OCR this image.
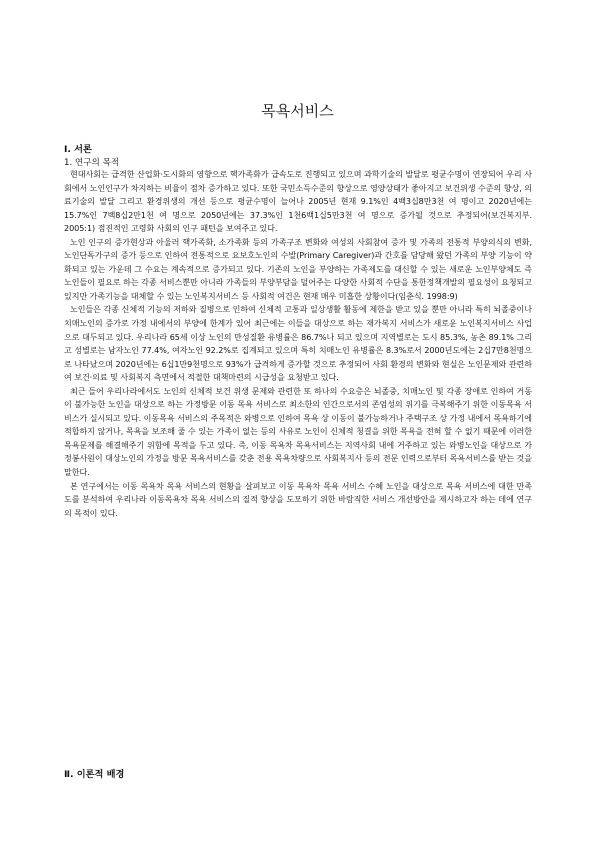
목욕서비스
Ⅰ. 서론
1. 연구의 목적

현대사회는 급격한 산업화·도시화의 영향으로 핵가족화가 급속도로 진행되고 있으며 과학기술의 발달로 평균수명이 연장되어 우리 사회에서 노인인구가 차지하는 비율이 점차 증가하고 있다. 또한 국민소득수준의 향상으로 영양상태가 좋아지고 보건위생 수준의 향상, 의료기술의 발달 그리고 환경위생의 개선 등으로 평균수명이 늘어나 2005년 현재 9.1%인 4백3십8만3천 여 명이고 2020년에는 15.7%인 7백8십2만1천 여 명으로 2050년에는 37.3%인 1천6백1십5만3천 여 명으로 증가될 것으로 추정되어(보건복지부. 2005:1) 점진적인 고령화 사회의 인구 패턴을 보여주고 있다.

노인 인구의 증가현상과 아울러 핵가족화, 소가족화 등의 가족구조 변화와 여성의 사회참여 증가 및 가족의 전통적 부양의식의 변화, 노인단독가구의 증가 등으로 인하여 전통적으로 요보호노인의 수발(Primary Caregiver)과 간호를 담당해 왔던 가족의 부양 기능이 약화되고 있는 가운데 그 수요는 계속적으로 증가되고 있다. 기존의 노인을 부양하는 가족제도를 대신할 수 있는 새로운 노인부양체도 즉 노인들이 필요로 하는 각종 서비스뿐만 아니라 가족들의 부양부담을 덜어주는 다양한 사회적 수단을 통한정책개발의 필요성이 요청되고 있지만 가족기능을 대체할 수 있는 노인복지서비스 등 사회적 여건은 현재 매우 미흡한 상황이다(임춘식. 1998:9)

노인들은 각종 신체적 기능의 저하와 질병으로 인하여 신체적 고통과 일상생활 활동에 제한을 받고 있을 뿐만 아니라 특히 뇌졸중이나 치매노인의 증가로 가정 내에서의 부양에 한계가 있어 최근에는 이들을 대상으로 하는 재가복지 서비스가 새로운 노인복지서비스 사업으로 대두되고 있다. 우리나라 65세 이상 노인의 만성질환 유병률은 86.7%나 되고 있으며 지역별로는 도시 85.3%, 농촌 89.1% 그리고 성별로는 남자노인 77.4%, 여자노인 92.2%로 집계되고 있으며 특히 치매노인 유병률은 8.3%로서 2000년도에는 2십7만8천명으로 나타났으며 2020년에는 6십1만9천명으로 93%가 급격하게 증가할 것으로 추정되어 사회 환경의 변화와 현실은 노인문제와 관련하여 보건·의료 및 사회복지 측면에서 적절한 대책마련의 시급성을 요청받고 있다.

최근 들어 우리나라에서도 노인의 신체적 보건 위생 문제와 관련한 또 하나의 수요층은 뇌졸중, 치매노인 및 각종 장애로 인하여 거동이 불가능한 노인을 대상으로 하는 가정방문 이동 목욕 서비스로 최소한의 인간으로서의 존엄성의 위기를 극복해주기 위한 이동목욕 서비스가 실시되고 있다. 이동목욕 서비스의 주목적은 와병으로 인하여 목욕 상 이동이 불가능하거나 주택구조 상 가정 내에서 목욕하기에 적합하지 않거나, 목욕을 보조해 줄 수 있는 가족이 없는 등의 사유로 노인이 신체적 청결을 위한 목욕을 전혀 할 수 없기 때문에 이러한 목욕문제를 해결해주기 위함에 목적을 두고 있다. 즉, 이동 목욕차 목욕서비스는 지역사회 내에 거주하고 있는 와병노인을 대상으로 가정봉사원이 대상노인의 가정을 방문 목욕서비스를 갖춘 전용 목욕차량으로 사회복지사 등의 전문 인력으로부터 목욕서비스를 받는 것을 말한다.

본 연구에서는 이동 목욕차 목욕 서비스의 현황을 살펴보고 이동 목욕차 목욕 서비스 수혜 노인을 대상으로 목욕 서비스에 대한 만족도를 분석하여 우리나라 이동목욕차 목욕 서비스의 질적 향상을 도모하기 위한 바람직한 서비스 개선방안을 제시하고자 하는 데에 연구의 목적이 있다.

Ⅱ. 이론적 배경
